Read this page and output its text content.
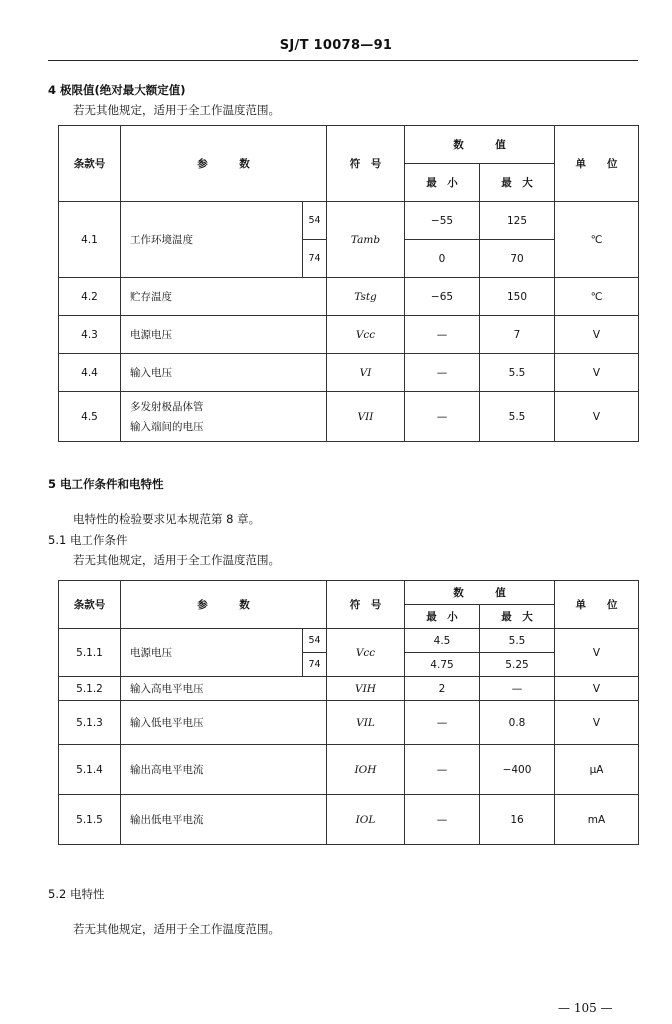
SJ/T 10078—91
4 极限值(绝对最大额定值)
若无其他规定，适用于全工作温度范围。
条款号	参　　　数		符　号	数　　　值		单　　位
				最　小	最　大	
4.1	工作环境温度	54	Tamb	−55	125	℃
		74		0	70	
4.2	贮存温度		Tstg	−65	150	℃
4.3	电源电压		Vcc	—	7	V
4.4	输入电压		VI	—	5.5	V
4.5	多发射极晶体管
输入端间的电压		VII	—	5.5	V
5 电工作条件和电特性
电特性的检验要求见本规范第 8 章。
5.1 电工作条件
若无其他规定，适用于全工作温度范围。
条款号	参　　　数		符　号	数　　　值		单　　位
				最　小	最　大	
5.1.1	电源电压	54	Vcc	4.5	5.5	V
		74		4.75	5.25	
5.1.2	输入高电平电压		VIH	2	—	V
5.1.3	输入低电平电压		VIL	—	0.8	V
5.1.4	输出高电平电流		IOH	—	−400	μA
5.1.5	输出低电平电流		IOL	—	16	mA
5.2 电特性
若无其他规定，适用于全工作温度范围。
— 105 —
